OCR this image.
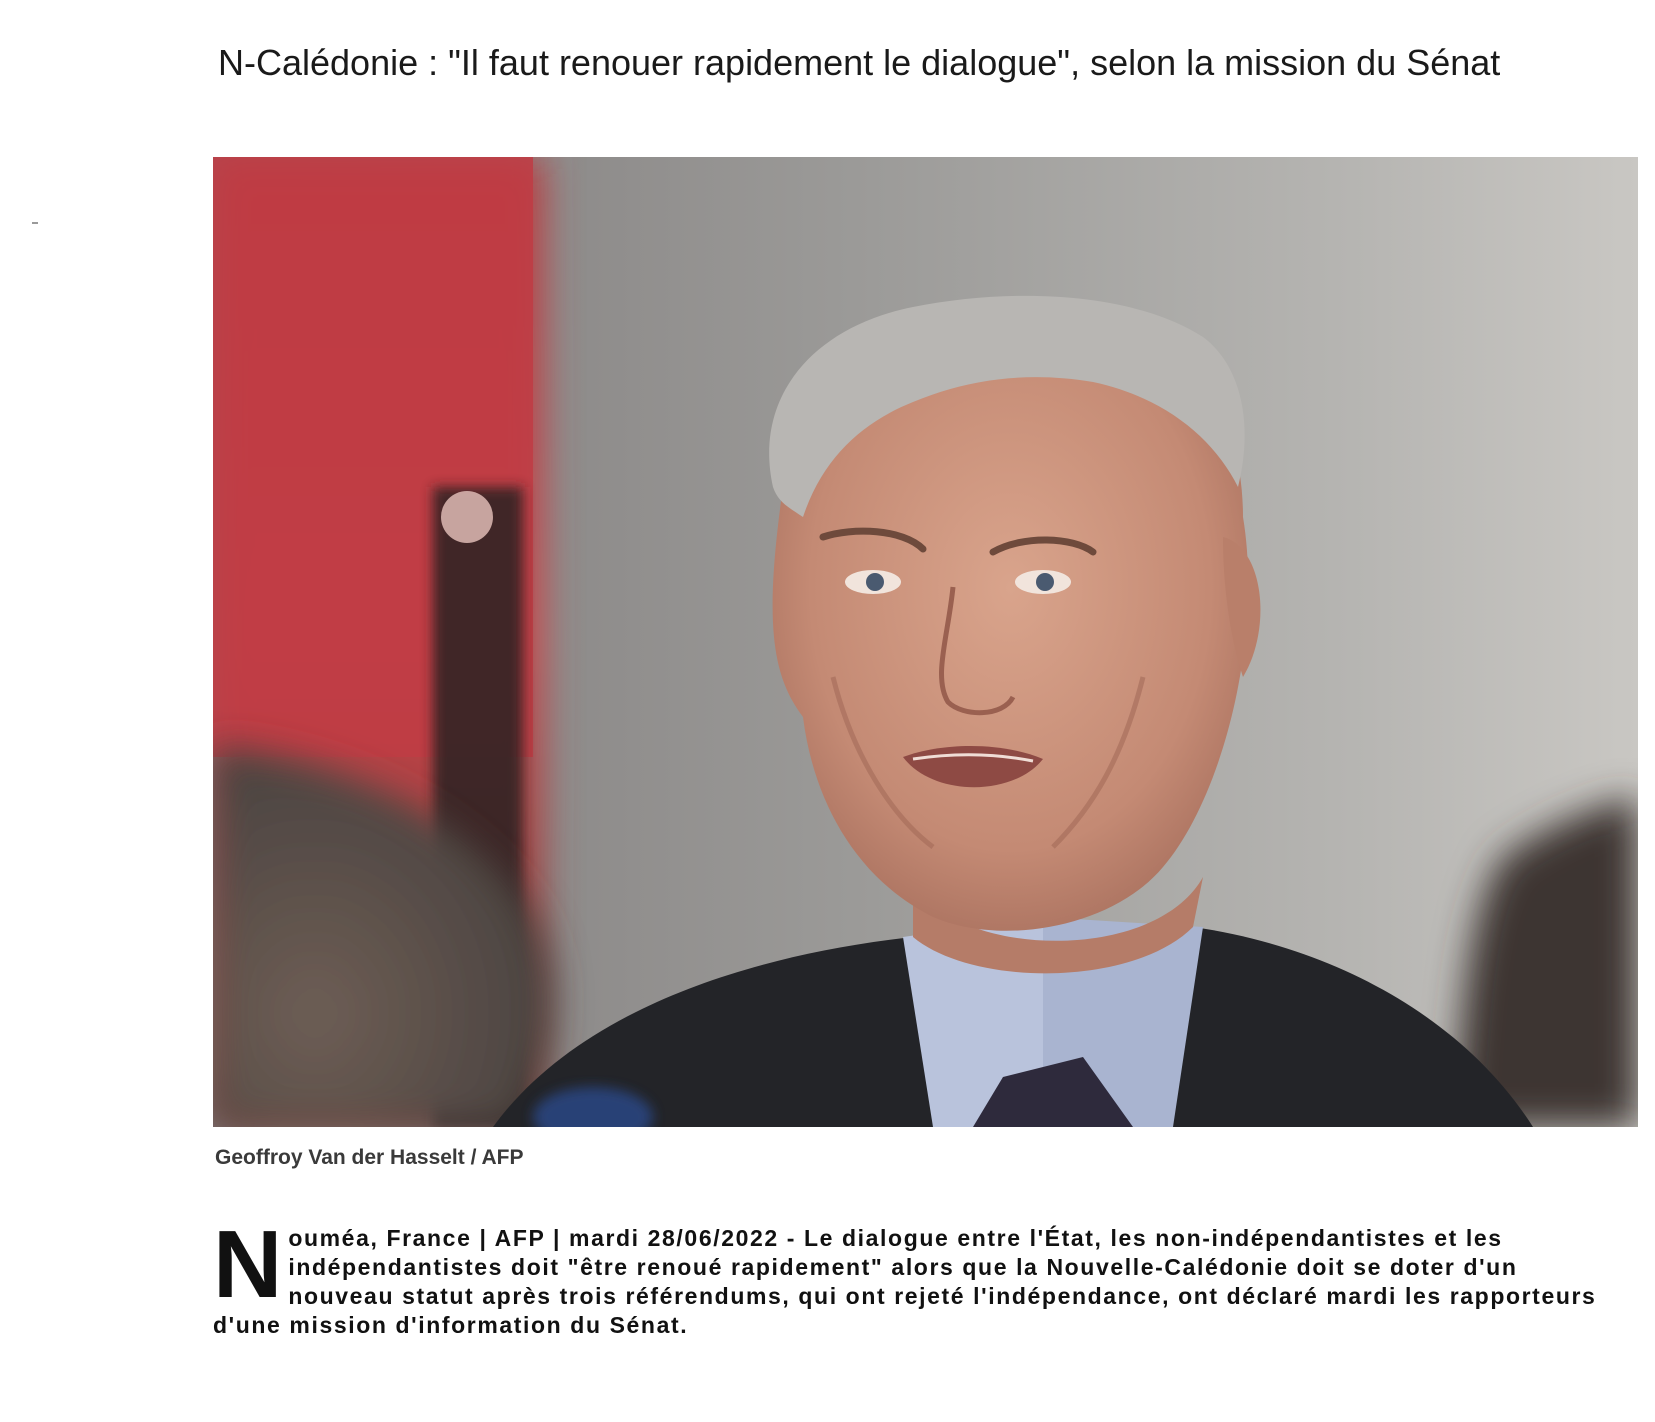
N-Calédonie : "Il faut renouer rapidement le dialogue", selon la mission du Sénat

Geoffroy Van der Hasselt / AFP

Nouméa, France | AFP | mardi 28/06/2022 - Le dialogue entre l'État, les non-indépendantistes et les indépendantistes doit "être renoué rapidement" alors que la Nouvelle-Calédonie doit se doter d'un nouveau statut après trois référendums, qui ont rejeté l'indépendance, ont déclaré mardi les rapporteurs d'une mission d'information du Sénat.
